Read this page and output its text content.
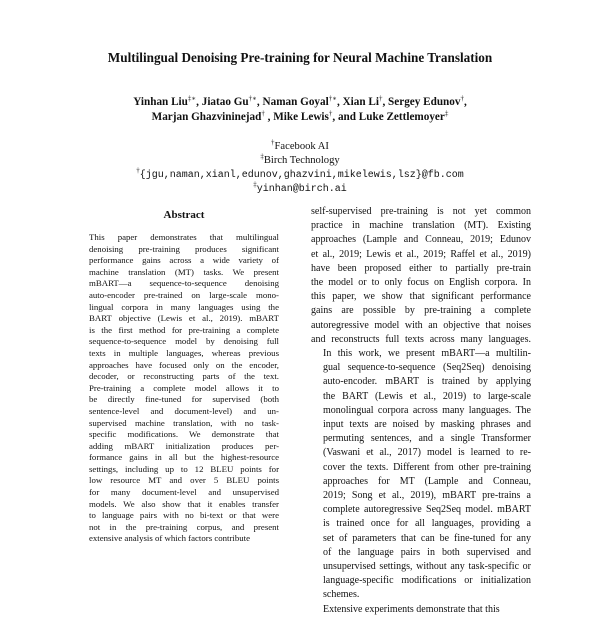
Multilingual Denoising Pre-training for Neural Machine Translation
Yinhan Liu‡∗, Jiatao Gu†∗, Naman Goyal†∗, Xian Li†, Sergey Edunov†,
Marjan Ghazvininejad† , Mike Lewis†, and Luke Zettlemoyer‡
†Facebook AI
‡Birch Technology
†{jgu,naman,xianl,edunov,ghazvini,mikelewis,lsz}@fb.com
‡yinhan@birch.ai
Abstract
This paper demonstrates that multilingual
denoising pre-training produces significant
performance gains across a wide variety of
machine translation (MT) tasks. We present
mBART—a sequence-to-sequence denoising
auto-encoder pre-trained on large-scale mono-
lingual corpora in many languages using the
BART objective (Lewis et al., 2019). mBART
is the first method for pre-training a complete
sequence-to-sequence model by denoising full
texts in multiple languages, whereas previous
approaches have focused only on the encoder,
decoder, or reconstructing parts of the text.
Pre-training a complete model allows it to
be directly fine-tuned for supervised (both
sentence-level and document-level) and un-
supervised machine translation, with no task-
specific modifications. We demonstrate that
adding mBART initialization produces per-
formance gains in all but the highest-resource
settings, including up to 12 BLEU points for
low resource MT and over 5 BLEU points
for many document-level and unsupervised
models. We also show that it enables transfer
to language pairs with no bi-text or that were
not in the pre-training corpus, and present
extensive analysis of which factors contribute

self-supervised pre-training is not yet common
practice in machine translation (MT). Existing
approaches (Lample and Conneau, 2019; Edunov
et al., 2019; Lewis et al., 2019; Raffel et al., 2019)
have been proposed either to partially pre-train
the model or to only focus on English corpora. In
this paper, we show that significant performance
gains are possible by pre-training a complete
autoregressive model with an objective that noises
and reconstructs full texts across many languages.

In this work, we present mBART—a multilin-
gual sequence-to-sequence (Seq2Seq) denoising
auto-encoder. mBART is trained by applying
the BART (Lewis et al., 2019) to large-scale
monolingual corpora across many languages. The
input texts are noised by masking phrases and
permuting sentences, and a single Transformer
(Vaswani et al., 2017) model is learned to re-
cover the texts. Different from other pre-training
approaches for MT (Lample and Conneau,
2019; Song et al., 2019), mBART pre-trains a
complete autoregressive Seq2Seq model. mBART
is trained once for all languages, providing a
set of parameters that can be fine-tuned for any
of the language pairs in both supervised and
unsupervised settings, without any task-specific or
language-specific modifications or initialization
schemes.

Extensive experiments demonstrate that this
